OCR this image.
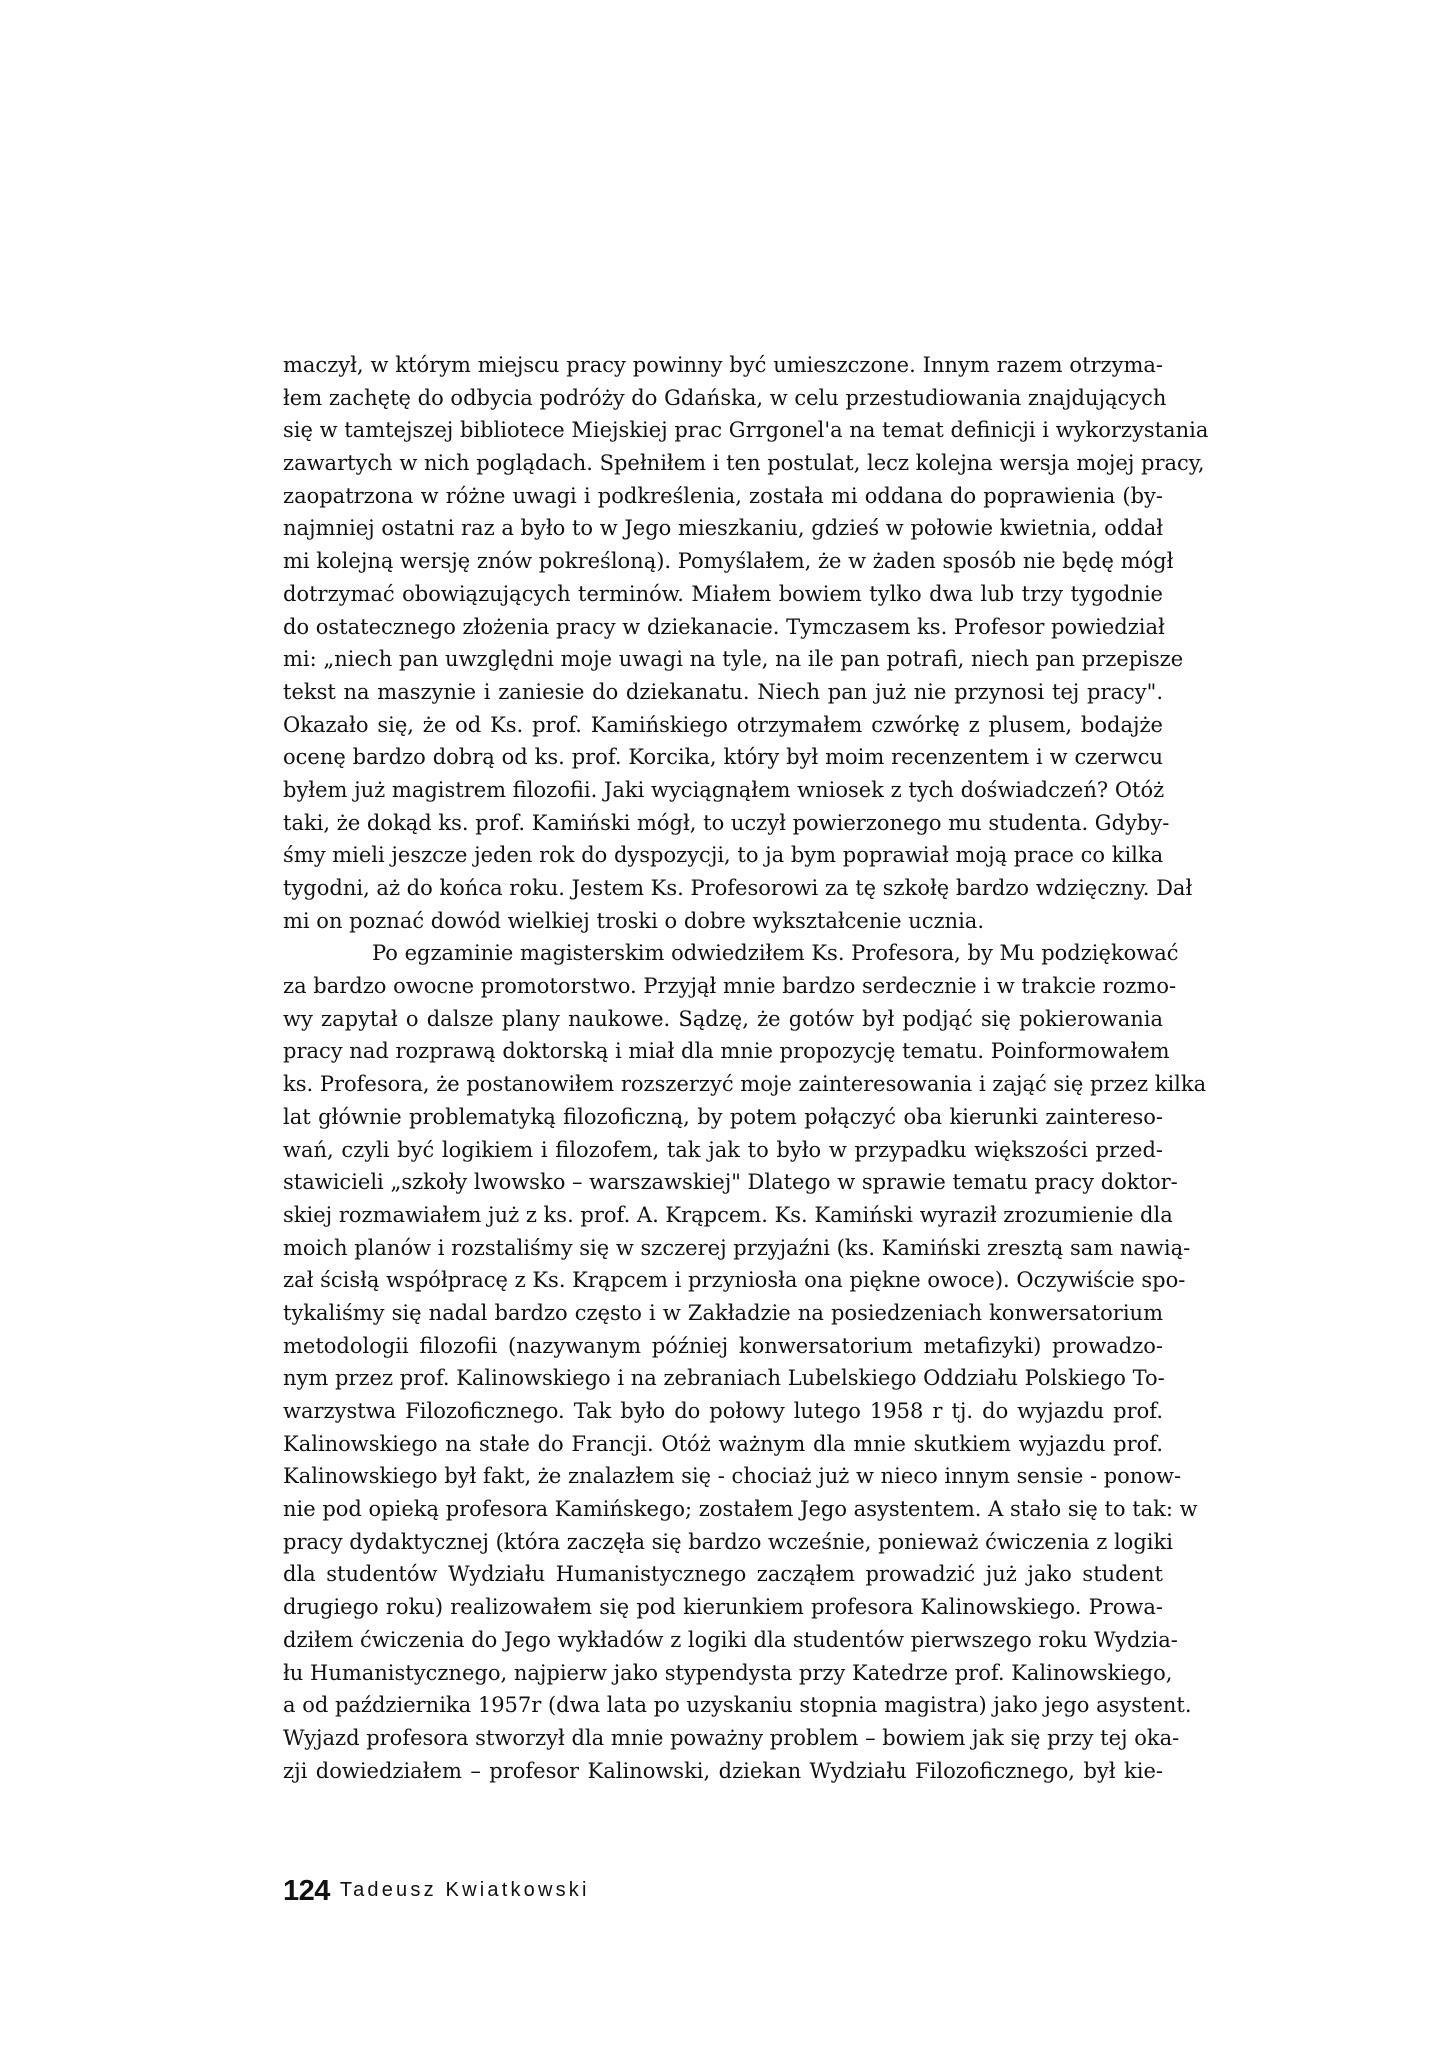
maczył, w którym miejscu pracy powinny być umieszczone. Innym razem otrzyma-
łem zachętę do odbycia podróży do Gdańska, w celu przestudiowania znajdujących
się w tamtejszej bibliotece Miejskiej prac Grrgonel'a na temat definicji i wykorzystania
zawartych w nich poglądach. Spełniłem i ten postulat, lecz kolejna wersja mojej pracy,
zaopatrzona w różne uwagi i podkreślenia, została mi oddana do poprawienia (by-
najmniej ostatni raz a było to w Jego mieszkaniu, gdzieś w połowie kwietnia, oddał
mi kolejną wersję znów pokreśloną). Pomyślałem, że w żaden sposób nie będę mógł
dotrzymać obowiązujących terminów. Miałem bowiem tylko dwa lub trzy tygodnie
do ostatecznego złożenia pracy w dziekanacie. Tymczasem ks. Profesor powiedział
mi: „niech pan uwzględni moje uwagi na tyle, na ile pan potrafi, niech pan przepisze
tekst na maszynie i zaniesie do dziekanatu. Niech pan już nie przynosi tej pracy".
Okazało się, że od Ks. prof. Kamińskiego otrzymałem czwórkę z plusem, bodajże
ocenę bardzo dobrą od ks. prof. Korcika, który był moim recenzentem i w czerwcu
byłem już magistrem filozofii. Jaki wyciągnąłem wniosek z tych doświadczeń? Otóż
taki, że dokąd ks. prof. Kamiński mógł, to uczył powierzonego mu studenta. Gdyby-
śmy mieli jeszcze jeden rok do dyspozycji, to ja bym poprawiał moją prace co kilka
tygodni, aż do końca roku. Jestem Ks. Profesorowi za tę szkołę bardzo wdzięczny. Dał
mi on poznać dowód wielkiej troski o dobre wykształcenie ucznia.
Po egzaminie magisterskim odwiedziłem Ks. Profesora, by Mu podziękować
za bardzo owocne promotorstwo. Przyjął mnie bardzo serdecznie i w trakcie rozmo-
wy zapytał o dalsze plany naukowe. Sądzę, że gotów był podjąć się pokierowania
pracy nad rozprawą doktorską i miał dla mnie propozycję tematu. Poinformowałem
ks. Profesora, że postanowiłem rozszerzyć moje zainteresowania i zająć się przez kilka
lat głównie problematyką filozoficzną, by potem połączyć oba kierunki zaintereso-
wań, czyli być logikiem i filozofem, tak jak to było w przypadku większości przed-
stawicieli „szkoły lwowsko – warszawskiej" Dlatego w sprawie tematu pracy doktor-
skiej rozmawiałem już z ks. prof. A. Krąpcem. Ks. Kamiński wyraził zrozumienie dla
moich planów i rozstaliśmy się w szczerej przyjaźni (ks. Kamiński zresztą sam nawią-
zał ścisłą współpracę z Ks. Krąpcem i przyniosła ona piękne owoce). Oczywiście spo-
tykaliśmy się nadal bardzo często i w Zakładzie na posiedzeniach konwersatorium
metodologii filozofii (nazywanym później konwersatorium metafizyki) prowadzo-
nym przez prof. Kalinowskiego i na zebraniach Lubelskiego Oddziału Polskiego To-
warzystwa Filozoficznego. Tak było do połowy lutego 1958 r tj. do wyjazdu prof.
Kalinowskiego na stałe do Francji. Otóż ważnym dla mnie skutkiem wyjazdu prof.
Kalinowskiego był fakt, że znalazłem się - chociaż już w nieco innym sensie - ponow-
nie pod opieką profesora Kamińskego; zostałem Jego asystentem. A stało się to tak: w
pracy dydaktycznej (która zaczęła się bardzo wcześnie, ponieważ ćwiczenia z logiki
dla studentów Wydziału Humanistycznego zacząłem prowadzić już jako student
drugiego roku) realizowałem się pod kierunkiem profesora Kalinowskiego. Prowa-
dziłem ćwiczenia do Jego wykładów z logiki dla studentów pierwszego roku Wydzia-
łu Humanistycznego, najpierw jako stypendysta przy Katedrze prof. Kalinowskiego,
a od października 1957r (dwa lata po uzyskaniu stopnia magistra) jako jego asystent.
Wyjazd profesora stworzył dla mnie poważny problem – bowiem jak się przy tej oka-
zji dowiedziałem – profesor Kalinowski, dziekan Wydziału Filozoficznego, był kie-
124 Tadeusz Kwiatkowski
